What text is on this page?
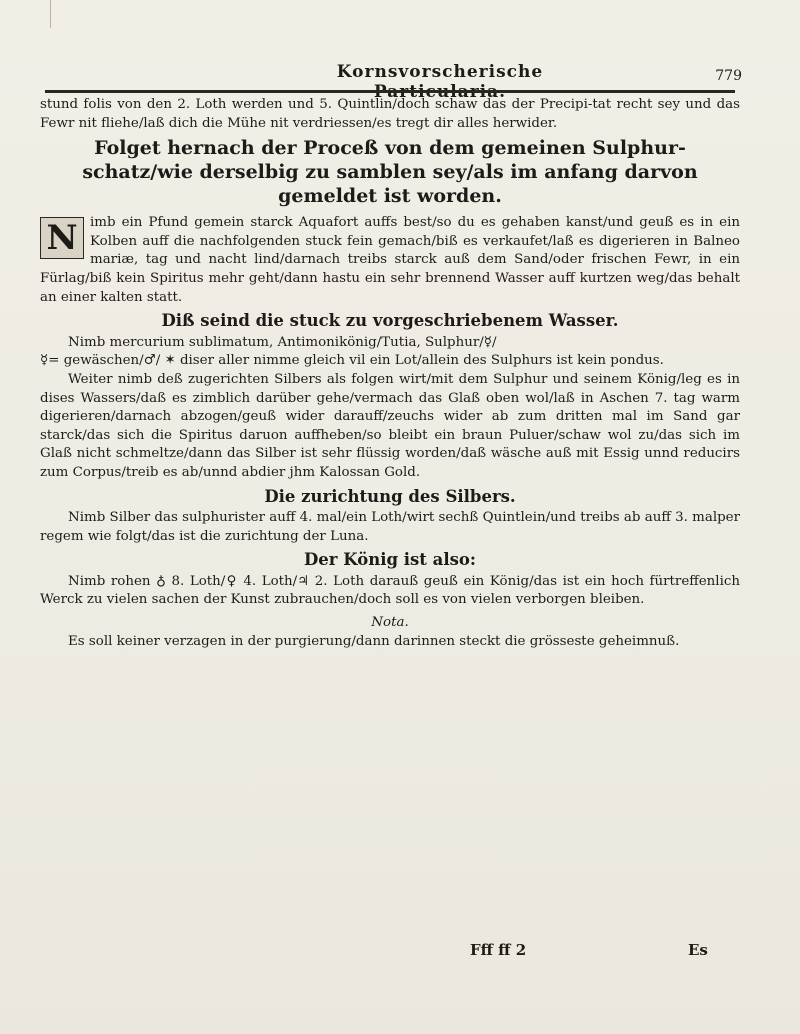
Kornsvorscherische	779

stund folis von den 2. Loth werden und 5. Quintlin/doch schaw das der Precipi-tat recht sey und das Fewr nit fliehe/laß dich die Mühe nit verdriessen/es tregt dir alles herwider.

Folget hernach der Proceß von dem gemeinen Sulphur-schatz/wie derselbig zu samblen sey/als im anfang darvon gemeldet ist worden.

N imb ein Pfund gemein starck Aquafort auffs best/so du es gehaben kanst/und geuß es in ein Kolben auff die nachfolgenden stuck fein gemach/biß es verkaufet/laß es digerieren in Balneo mariæ, tag und nacht lind/darnach treibs starck auß dem Sand/oder frischen Fewr, in ein Fürlag/biß kein Spiritus mehr geht/dann hastu ein sehr brennend Wasser auff kurtzen weg/das behalt an einer kalten statt.

Diß seind die stuck zu vorgeschriebenem Wasser.

Nimb mercurium sublimatum, Antimonikönig/Tutia, Sulphur/☿/

☿= gewäschen/♂/ ✶ diser aller nimme gleich vil ein Lot/allein des Sulphurs ist kein pondus.

Weiter nimb deß zugerichten Silbers als folgen wirt/mit dem Sulphur und seinem König/leg es in dises Wassers/daß es zimblich darüber gehe/vermach das Glaß oben wol/laß in Aschen 7. tag warm digerieren/darnach abzogen/geuß wider darauff/zeuchs wider ab zum dritten mal im Sand gar starck/das sich die Spiritus daruon auffheben/so bleibt ein braun Puluer/schaw wol zu/das sich im Glaß nicht schmeltze/dann das Silber ist sehr flüssig worden/daß wäsche auß mit Essig unnd reducirs zum Corpus/treib es ab/unnd abdier jhm Kalossan Gold.

Die zurichtung des Silbers.

Nimb Silber das sulphurister auff 4. mal/ein Loth/wirt sechß Quintlein/und treibs ab auff 3. malper regem wie folgt/das ist die zurichtung der Luna.

Der König ist also:

Nimb rohen ♁ 8. Loth/♀ 4. Loth/♃ 2. Loth darauß geuß ein König/das ist ein hoch fürtreffenlich Werck zu vielen sachen der Kunst zubrauchen/doch soll es von vielen verborgen bleiben.

Nota.

Es soll keiner verzagen in der purgierung/dann darinnen steckt die grösseste geheimnuß.

Fff ff 2	Es
